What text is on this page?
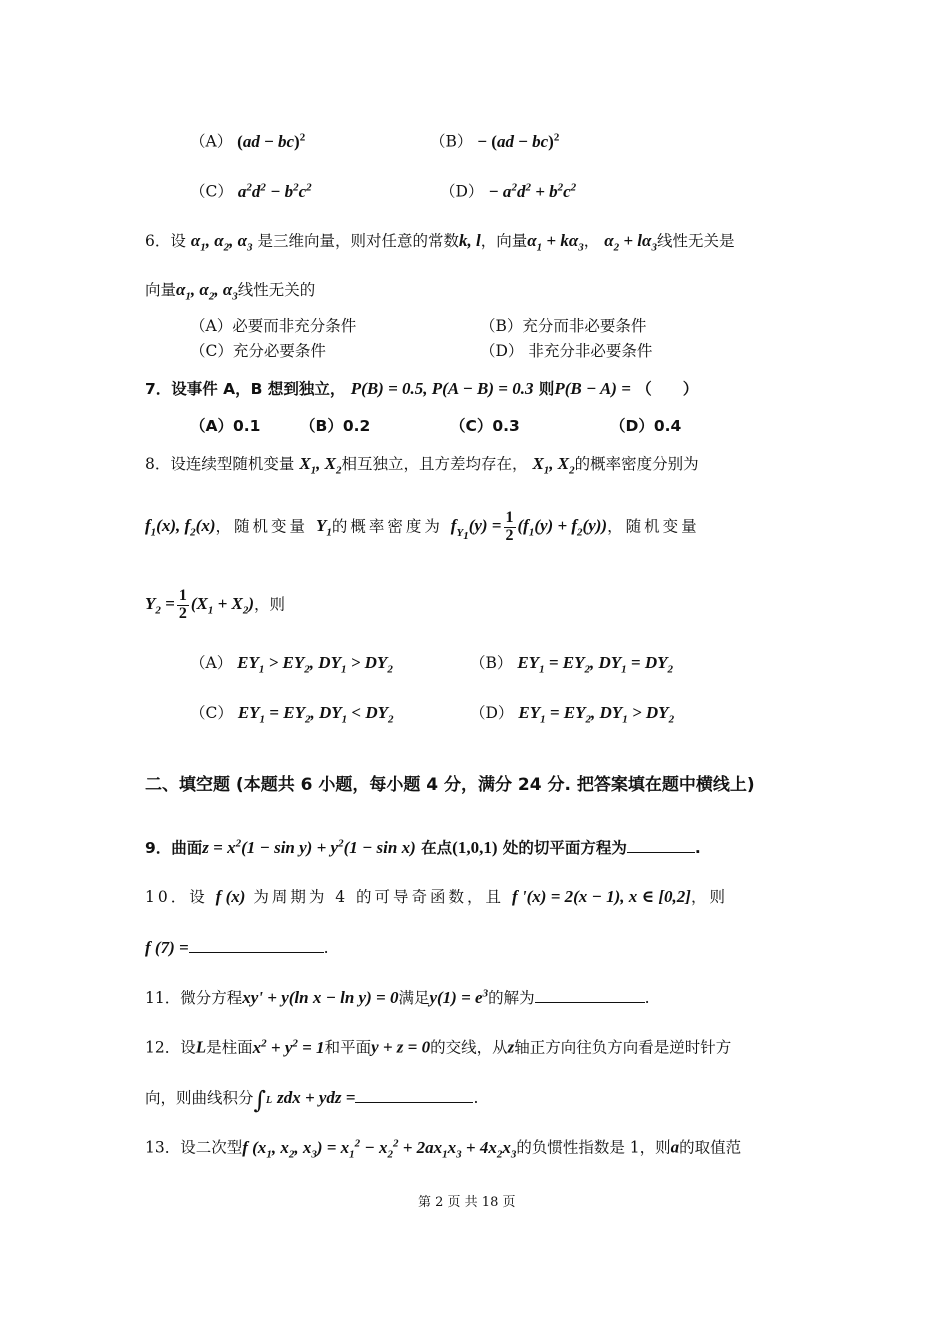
（A） (ad − bc)$^2$	（B） − (ad − bc)$^2$
（C） $a^2d^2 - b^2c^2$	$(D) - a^2d^2 + b^2c^2$
6．设 $\alpha_1$, $\alpha_2$, $\alpha_3$ 是三维向量，则对任意的常数k, l，向量$\alpha_1 + k\alpha_3$， $\alpha_2 + l\alpha_3$线性无关是
向量$\alpha_1$, $\alpha_2$, $\alpha_3$线性无关的
（A）必要而非充分条件	（B）充分而非必要条件
（C）充分必要条件	（D） 非充分非必要条件
7．设事件 A，B 想到独立， P(B) = 0.5, P(A − B) = 0.3 则P(B − A) = （　　）
（A）0.1	（B）0.2	（C）0.3	（D）0.4
8．设连续型随机变量 $X_1$, $X_2$相互独立，且方差均存在， $X_1$, $X_2$的概率密度分别为
$f_1(x)$, $f_2(x)$，随机变量 $Y_1$的概率密度为 $f_{Y_1}(y) = \frac{1}{2} (f_1(y) + f_2(y))$，随机变量
$Y_2 = \frac{1}{2} (X_1 + X_2)$，则
（A） $EY_1 > EY_2$, $DY_1 > DY_2$	（B） $EY_1 = EY_2$, $DY_1 = DY_2$
（C） $EY_1 = EY_2$, $DY_1 < DY_2$	（D） $EY_1 = EY_2$, $DY_1 > DY_2$
二、填空题 (本题共 6 小题，每小题 4 分，满分 24 分. 把答案填在题中横线上)
9．曲面$z = x^2(1 - \sin y) + y^2(1 - \sin x)$ 在点(1,0,1) 处的切平面方程为	.
10．设 f (x) 为周期为 4 的可导奇函数，且 f '(x) = 2(x − 1), x ∈ [0,2]，则
f (7) =	.
11．微分方程xy' + y(ln x − ln y) = 0满足$y(1) = e^3$的解为	.
12．设L是柱面$x^2 + y^2 = 1$和平面y + z = 0的交线，从z轴正方向往负方向看是逆时针方
向，则曲线积分∫L zdx + ydz =	.
13．设二次型f ($x_1$, $x_2$, $x_3) = x_1^2 - x_2^2 + 2ax_1x_3 + 4x_2x_3$的负惯性指数是 1，则a的取值范
第 2 页 共 18 页
